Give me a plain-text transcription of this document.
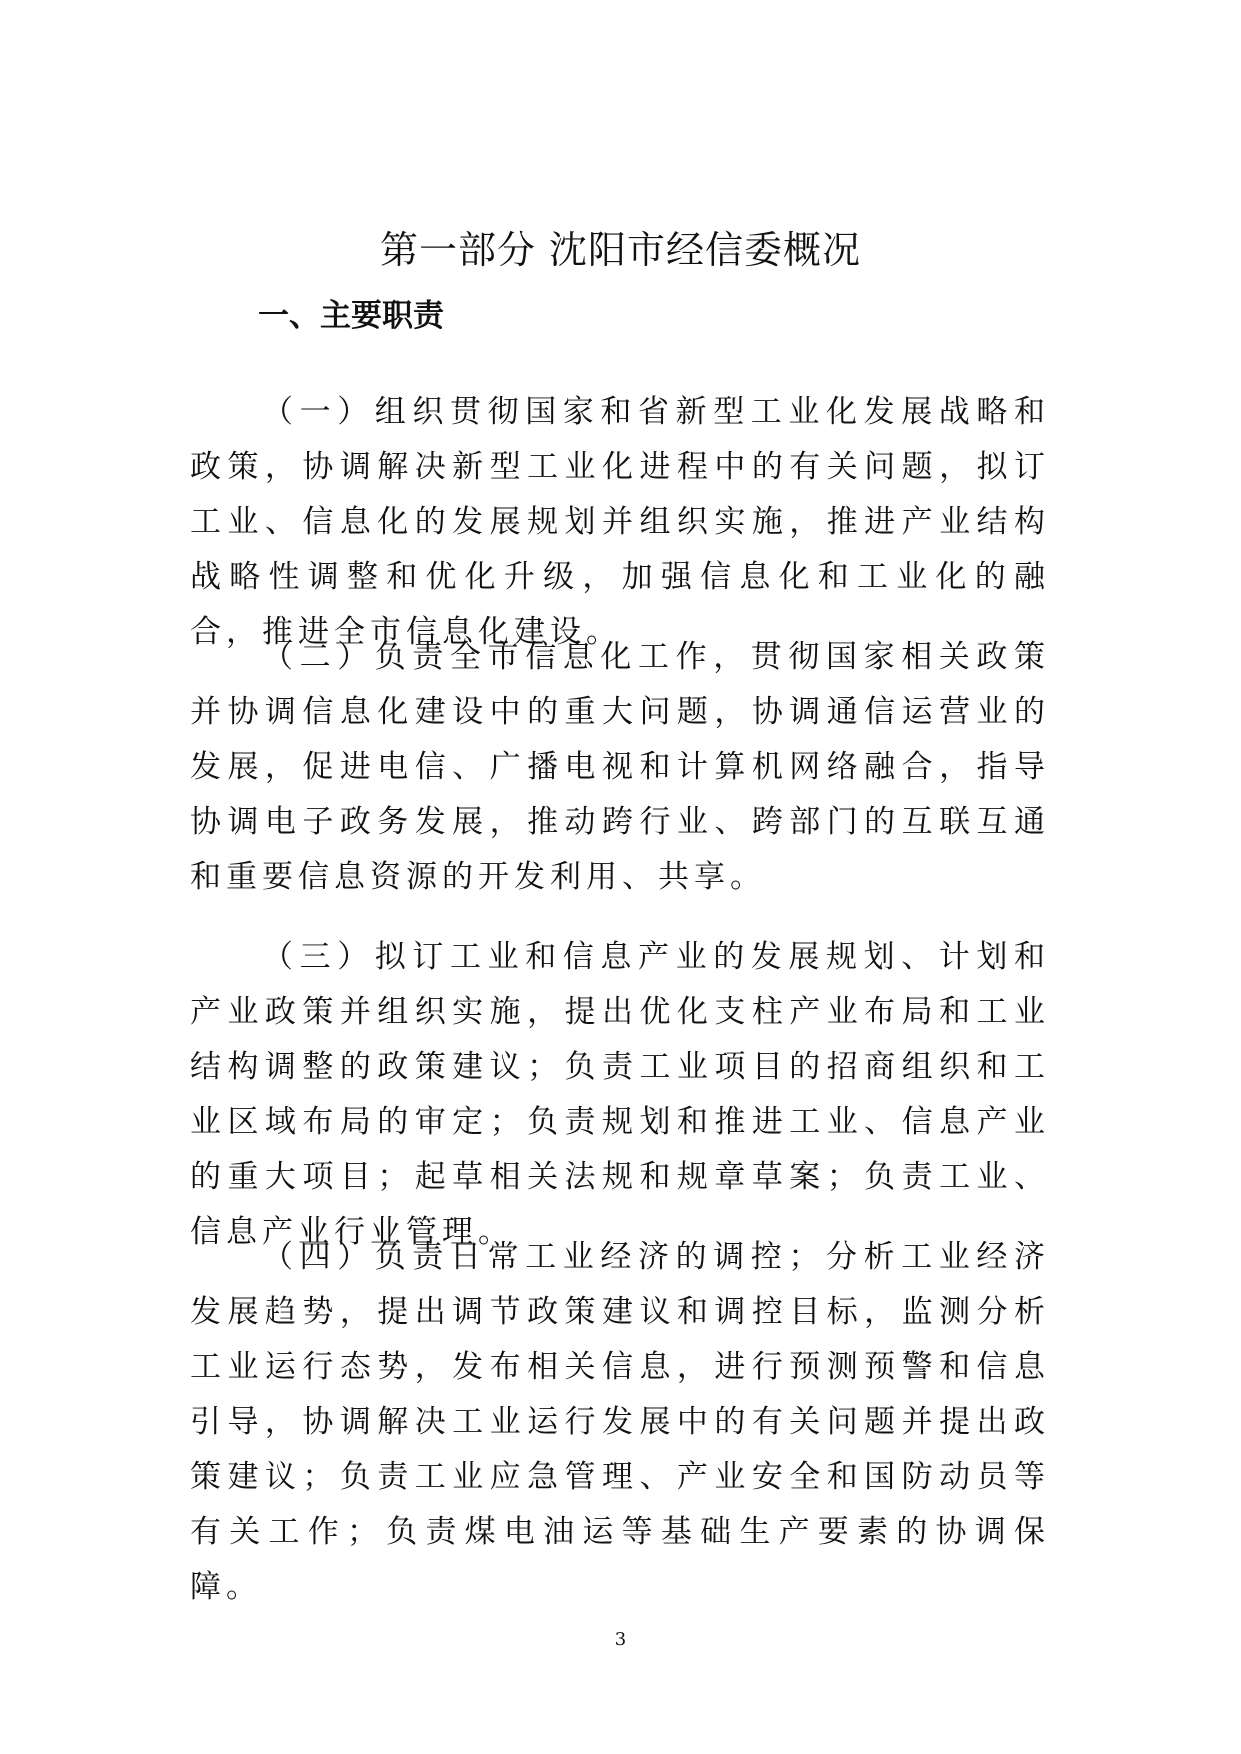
第一部分 沈阳市经信委概况
一、主要职责

（一）组织贯彻国家和省新型工业化发展战略和政策，协调解决新型工业化进程中的有关问题，拟订工业、信息化的发展规划并组织实施，推进产业结构战略性调整和优化升级，加强信息化和工业化的融合，推进全市信息化建设。

（二）负责全市信息化工作，贯彻国家相关政策并协调信息化建设中的重大问题，协调通信运营业的发展，促进电信、广播电视和计算机网络融合，指导协调电子政务发展，推动跨行业、跨部门的互联互通和重要信息资源的开发利用、共享。

（三）拟订工业和信息产业的发展规划、计划和产业政策并组织实施，提出优化支柱产业布局和工业结构调整的政策建议；负责工业项目的招商组织和工业区域布局的审定；负责规划和推进工业、信息产业的重大项目；起草相关法规和规章草案；负责工业、信息产业行业管理。

（四）负责日常工业经济的调控；分析工业经济发展趋势，提出调节政策建议和调控目标，监测分析工业运行态势，发布相关信息，进行预测预警和信息引导，协调解决工业运行发展中的有关问题并提出政策建议；负责工业应急管理、产业安全和国防动员等有关工作；负责煤电油运等基础生产要素的协调保障。

3
